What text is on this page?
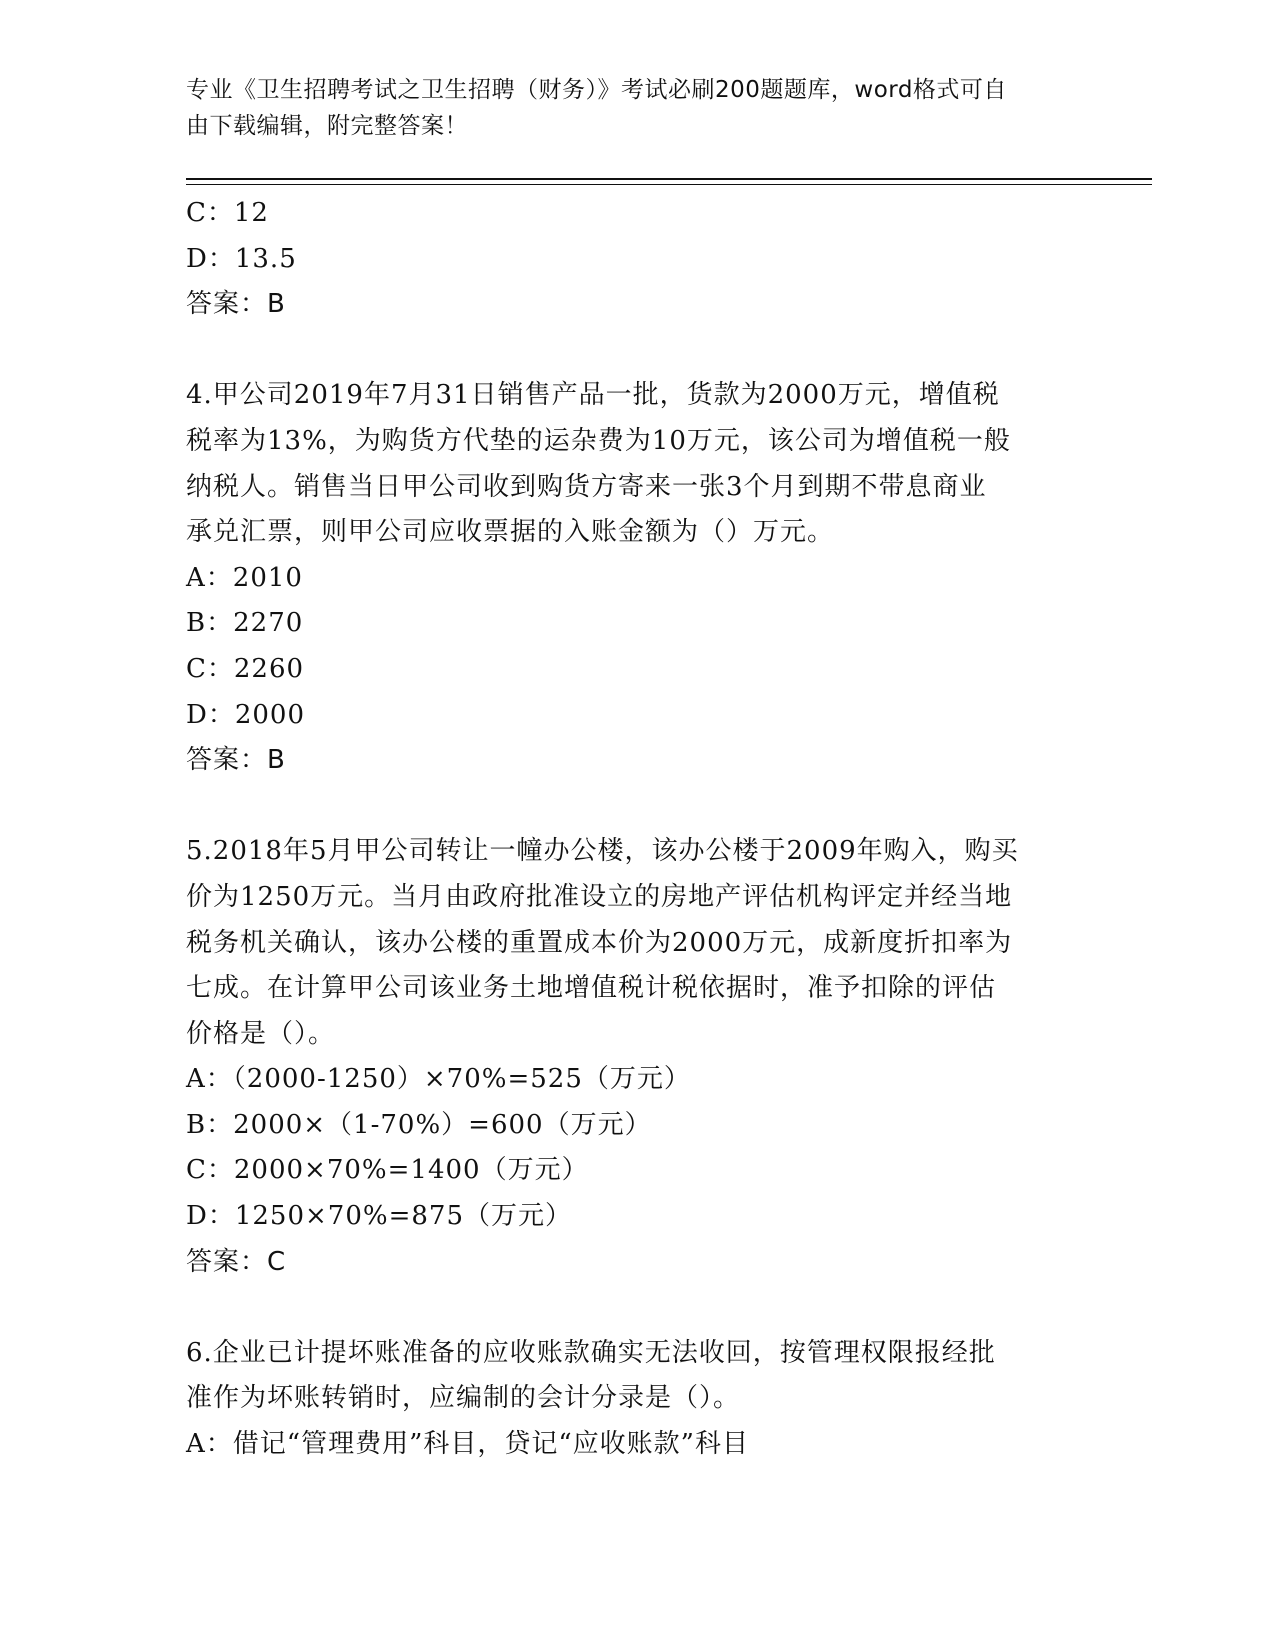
专业《卫生招聘考试之卫生招聘（财务）》考试必刷200题题库，word格式可自
由下载编辑，附完整答案！
C：12
D：13.5
答案：B
4.甲公司2019年7月31日销售产品一批，货款为2000万元，增值税
税率为13%，为购货方代垫的运杂费为10万元，该公司为增值税一般
纳税人。销售当日甲公司收到购货方寄来一张3个月到期不带息商业
承兑汇票，则甲公司应收票据的入账金额为（）万元。
A：2010
B：2270
C：2260
D：2000
答案：B
5.2018年5月甲公司转让一幢办公楼，该办公楼于2009年购入，购买
价为1250万元。当月由政府批准设立的房地产评估机构评定并经当地
税务机关确认，该办公楼的重置成本价为2000万元，成新度折扣率为
七成。在计算甲公司该业务土地增值税计税依据时，准予扣除的评估
价格是（）。
A：（2000-1250）×70%=525（万元）
B：2000×（1-70%）=600（万元）
C：2000×70%=1400（万元）
D：1250×70%=875（万元）
答案：C
6.企业已计提坏账准备的应收账款确实无法收回，按管理权限报经批
准作为坏账转销时，应编制的会计分录是（）。
A：借记“管理费用”科目，贷记“应收账款”科目
